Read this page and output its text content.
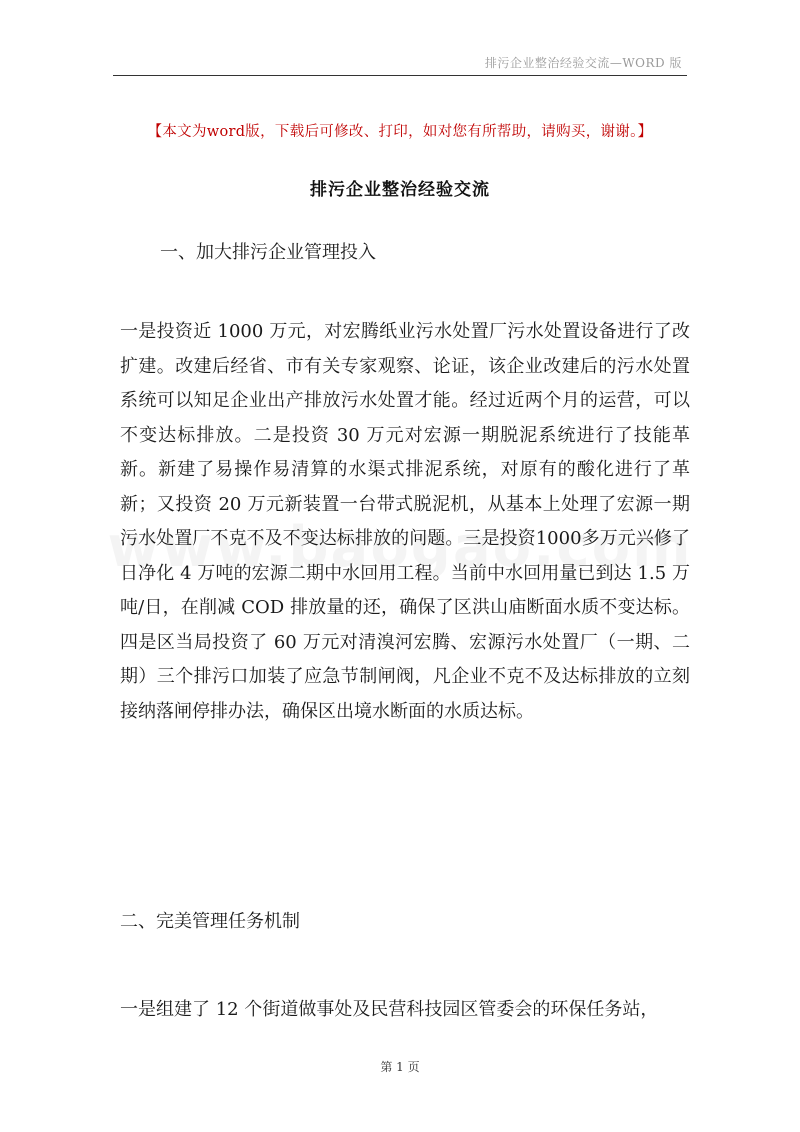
排污企业整治经验交流—WORD 版
【本文为word版，下载后可修改、打印，如对您有所帮助，请购买，谢谢。】
排污企业整治经验交流
一、加大排污企业管理投入
一是投资近 1000 万元，对宏腾纸业污水处置厂污水处置设备进行了改扩建。改建后经省、市有关专家观察、论证，该企业改建后的污水处置系统可以知足企业出产排放污水处置才能。经过近两个月的运营，可以不变达标排放。二是投资 30 万元对宏源一期脱泥系统进行了技能革新。新建了易操作易清算的水渠式排泥系统，对原有的酸化进行了革新；又投资 20 万元新装置一台带式脱泥机，从基本上处理了宏源一期污水处置厂不克不及不变达标排放的问题。三是投资1000多万元兴修了日净化 4 万吨的宏源二期中水回用工程。当前中水回用量已到达 1.5 万吨/日，在削减 COD 排放量的还，确保了区洪山庙断面水质不变达标。四是区当局投资了 60 万元对清溴河宏腾、宏源污水处置厂（一期、二期）三个排污口加装了应急节制闸阀，凡企业不克不及达标排放的立刻接纳落闸停排办法，确保区出境水断面的水质达标。
二、完美管理任务机制
一是组建了 12 个街道做事处及民营科技园区管委会的环保任务站，
第 1 页
